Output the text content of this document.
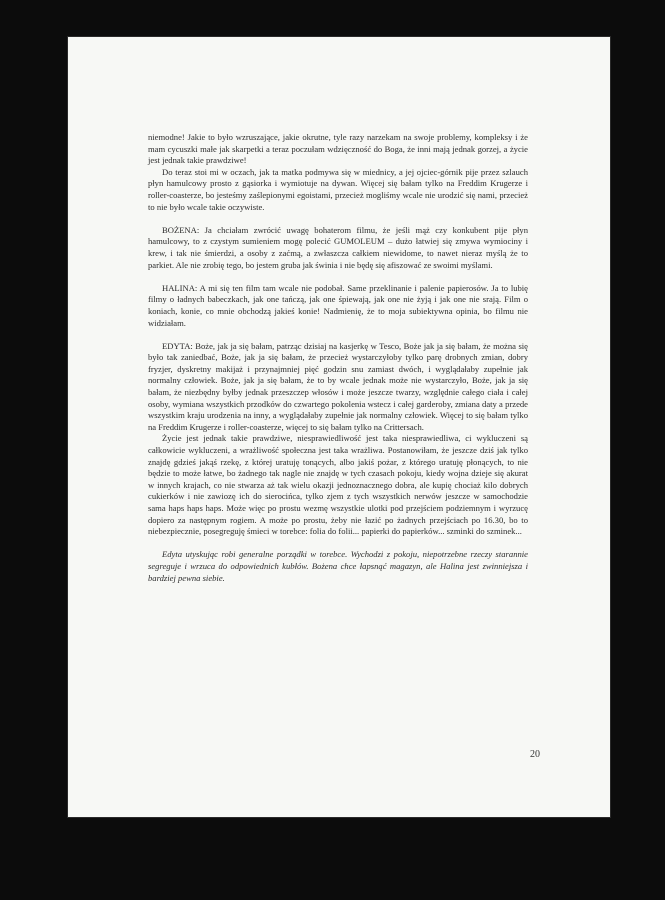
niemodne! Jakie to było wzruszające, jakie okrutne, tyle razy narzekam na swoje problemy, kompleksy i że mam cycuszki małe jak skarpetki a teraz poczułam wdzięczność do Boga, że inni mają jednak gorzej, a życie jest jednak takie prawdziwe!

Do teraz stoi mi w oczach, jak ta matka podmywa się w miednicy, a jej ojciec-górnik pije przez szlauch płyn hamulcowy prosto z gąsiorka i wymiotuje na dywan. Więcej się bałam tylko na Freddim Krugerze i roller-coasterze, bo jesteśmy zaślepionymi egoistami, przecież mogliśmy wcale nie urodzić się nami, przecież to nie było wcale takie oczywiste.

BOŻENA: Ja chciałam zwrócić uwagę bohaterom filmu, że jeśli mąż czy konkubent pije płyn hamulcowy, to z czystym sumieniem mogę polecić GUMOLEUM – dużo łatwiej się zmywa wymiociny i krew, i tak nie śmierdzi, a osoby z zaćmą, a zwłaszcza całkiem niewidome, to nawet nieraz myślą że to parkiet. Ale nie zrobię tego, bo jestem gruba jak świnia i nie będę się afiszować ze swoimi myślami.

HALINA: A mi się ten film tam wcale nie podobał. Same przeklinanie i palenie papierosów. Ja to lubię filmy o ładnych babeczkach, jak one tańczą, jak one śpiewają, jak one nie żyją i jak one nie srają. Film o koniach, konie, co mnie obchodzą jakieś konie! Nadmienię, że to moja subiektywna opinia, bo filmu nie widziałam.

EDYTA: Boże, jak ja się bałam, patrząc dzisiaj na kasjerkę w Tesco, Boże jak ja się bałam, że można się było tak zaniedbać, Boże, jak ja się bałam, że przecież wystarczyłoby tylko parę drobnych zmian, dobry fryzjer, dyskretny makijaż i przynajmniej pięć godzin snu zamiast dwóch, i wyglądałaby zupełnie jak normalny człowiek. Boże, jak ja się bałam, że to by wcale jednak może nie wystarczyło, Boże, jak ja się bałam, że niezbędny byłby jednak przeszczep włosów i może jeszcze twarzy, względnie całego ciała i całej osoby, wymiana wszystkich przodków do czwartego pokolenia wstecz i całej garderoby, zmiana daty a przede wszystkim kraju urodzenia na inny, a wyglądałaby zupełnie jak normalny człowiek. Więcej to się bałam tylko na Freddim Krugerze i roller-coasterze, więcej to się bałam tylko na Crittersach.

Życie jest jednak takie prawdziwe, niesprawiedliwość jest taka niesprawiedliwa, ci wykluczeni są całkowicie wykluczeni, a wrażliwość społeczna jest taka wrażliwa. Postanowiłam, że jeszcze dziś jak tylko znajdę gdzieś jakąś rzekę, z której uratuję tonących, albo jakiś pożar, z którego uratuję płonących, to nie będzie to może łatwe, bo żadnego tak nagle nie znajdę w tych czasach pokoju, kiedy wojna dzieje się akurat w innych krajach, co nie stwarza aż tak wielu okazji jednoznacznego dobra, ale kupię chociaż kilo dobrych cukierków i nie zawiozę ich do sierocińca, tylko zjem z tych wszystkich nerwów jeszcze w samochodzie sama haps haps haps. Może więc po prostu wezmę wszystkie ulotki pod przejściem podziemnym i wyrzucę dopiero za następnym rogiem. A może po prostu, żeby nie łazić po żadnych przejściach po 16.30, bo to niebezpiecznie, posegreguję śmieci w torebce: folia do folii... papierki do papierków... szminki do szminek...

Edyta utyskując robi generalne porządki w torebce. Wychodzi z pokoju, niepotrzebne rzeczy starannie segreguje i wrzuca do odpowiednich kubłów. Bożena chce łapsnąć magazyn, ale Halina jest zwinniejsza i bardziej pewna siebie.

20
